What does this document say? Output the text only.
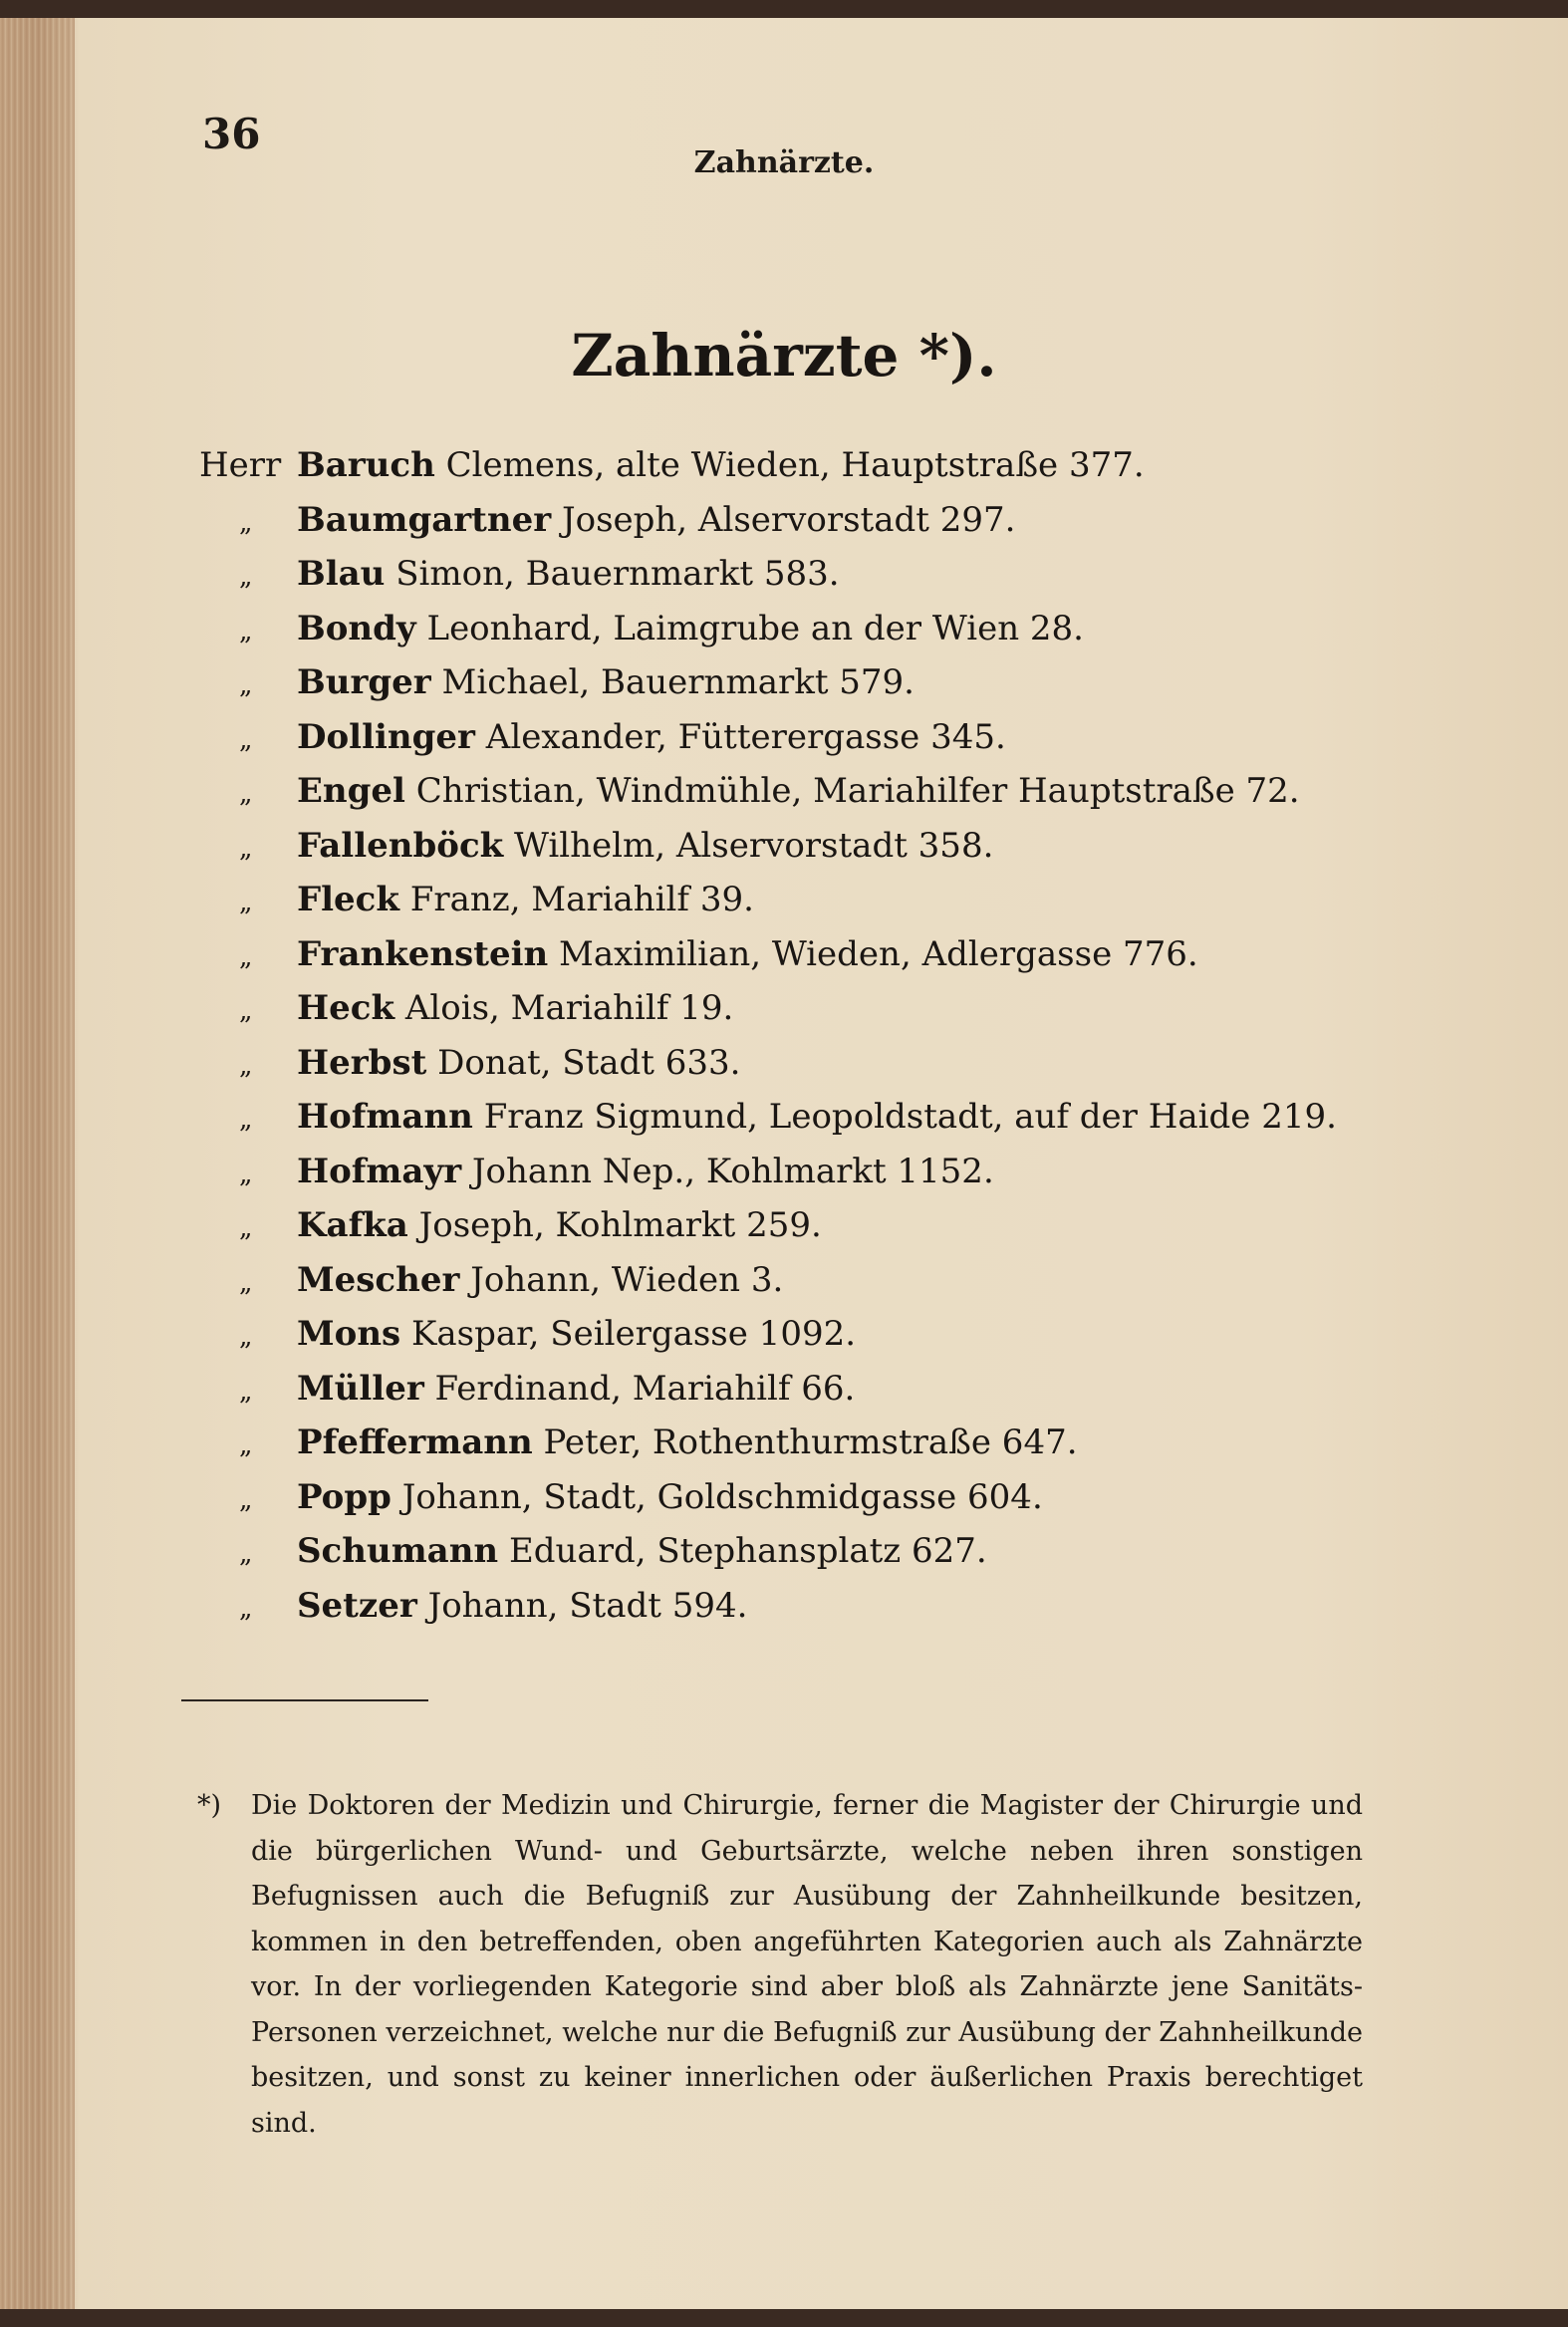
36
Zahnärzte.
Zahnärzte *).
Herr Baruch Clemens, alte Wieden, Hauptstraße 377.
„ Baumgartner Joseph, Alservorstadt 297.
„ Blau Simon, Bauernmarkt 583.
„ Bondy Leonhard, Laimgrube an der Wien 28.
„ Burger Michael, Bauernmarkt 579.
„ Dollinger Alexander, Fütterergasse 345.
„ Engel Christian, Windmühle, Mariahilfer Hauptstraße 72.
„ Fallenböck Wilhelm, Alservorstadt 358.
„ Fleck Franz, Mariahilf 39.
„ Frankenstein Maximilian, Wieden, Adlergasse 776.
„ Heck Alois, Mariahilf 19.
„ Herbst Donat, Stadt 633.
„ Hofmann Franz Sigmund, Leopoldstadt, auf der Haide 219.
„ Hofmayr Johann Nep., Kohlmarkt 1152.
„ Kafka Joseph, Kohlmarkt 259.
„ Mescher Johann, Wieden 3.
„ Mons Kaspar, Seilergasse 1092.
„ Müller Ferdinand, Mariahilf 66.
„ Pfeffermann Peter, Rothenthurmstraße 647.
„ Popp Johann, Stadt, Goldschmidgasse 604.
„ Schumann Eduard, Stephansplatz 627.
„ Setzer Johann, Stadt 594.
*) Die Doktoren der Medizin und Chirurgie, ferner die Magister der Chirurgie und die bürgerlichen Wund- und Geburtsärzte, welche neben ihren sonstigen Befugnissen auch die Befugniß zur Ausübung der Zahnheilkunde besitzen, kommen in den betreffenden, oben angeführten Kategorien auch als Zahnärzte vor. In der vorliegenden Kategorie sind aber bloß als Zahnärzte jene Sanitäts-Personen verzeichnet, welche nur die Befugniß zur Ausübung der Zahnheilkunde besitzen, und sonst zu keiner innerlichen oder äußerlichen Praxis berechtiget sind.
